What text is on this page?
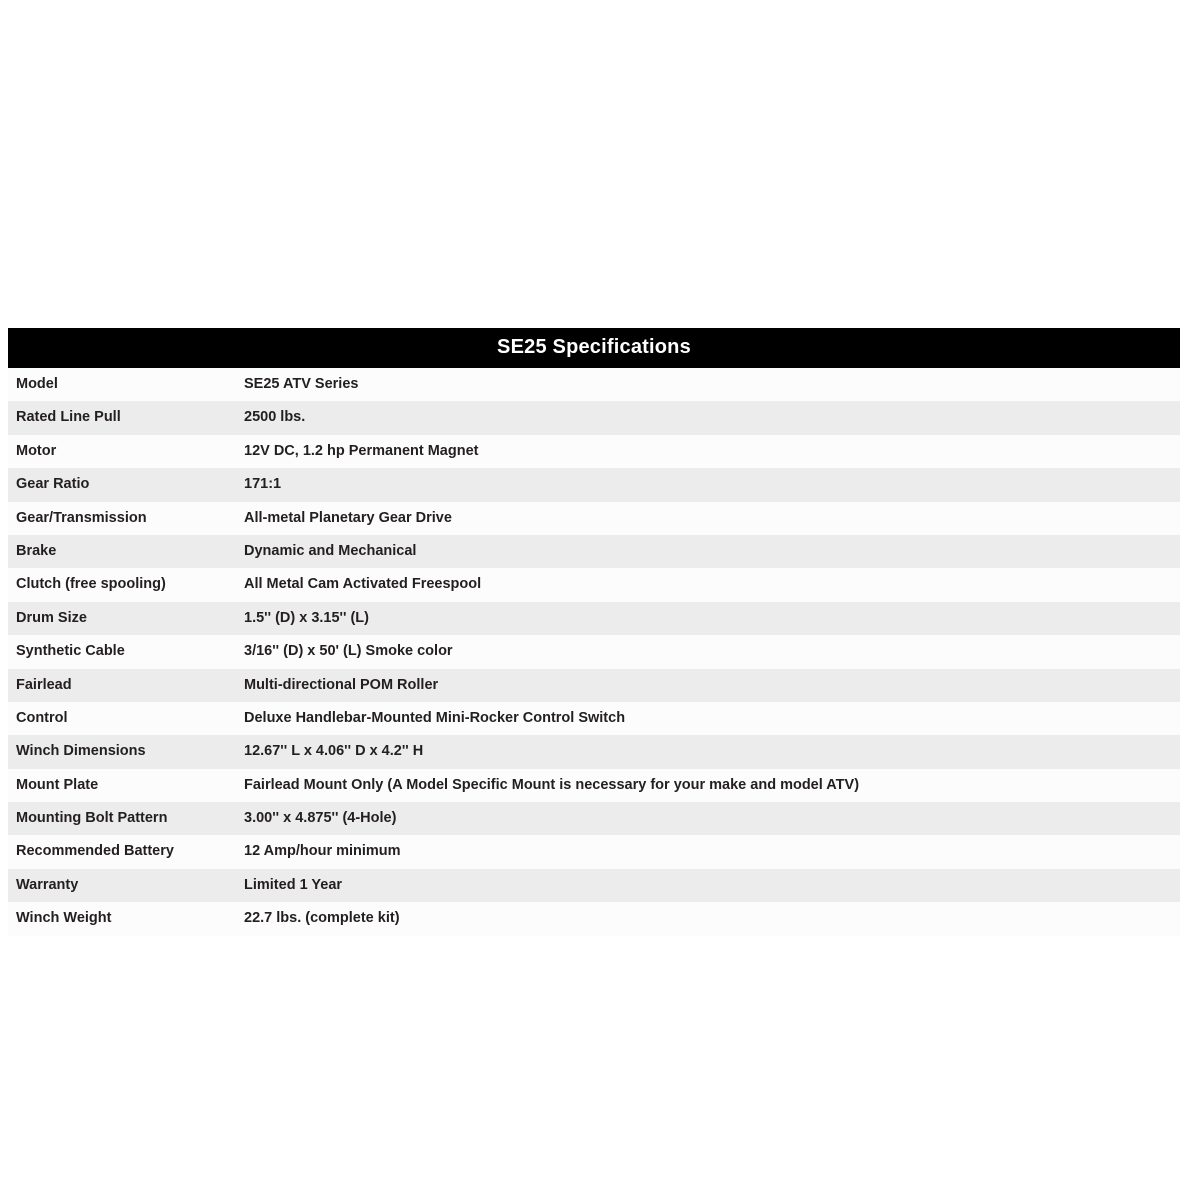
SE25 Specifications
Model	SE25 ATV Series
Rated Line Pull	2500 lbs.
Motor	12V DC, 1.2 hp Permanent Magnet
Gear Ratio	171:1
Gear/Transmission	All-metal Planetary Gear Drive
Brake	Dynamic and Mechanical
Clutch (free spooling)	All Metal Cam Activated Freespool
Drum Size	1.5'' (D) x 3.15'' (L)
Synthetic Cable	3/16'' (D) x 50' (L) Smoke color
Fairlead	Multi-directional POM Roller
Control	Deluxe Handlebar-Mounted Mini-Rocker Control Switch
Winch Dimensions	12.67'' L x 4.06'' D x 4.2'' H
Mount Plate	Fairlead Mount Only (A Model Specific Mount is necessary for your make and model ATV)
Mounting Bolt Pattern	3.00'' x 4.875'' (4-Hole)
Recommended Battery	12 Amp/hour minimum
Warranty	Limited 1 Year
Winch Weight	22.7 lbs. (complete kit)
